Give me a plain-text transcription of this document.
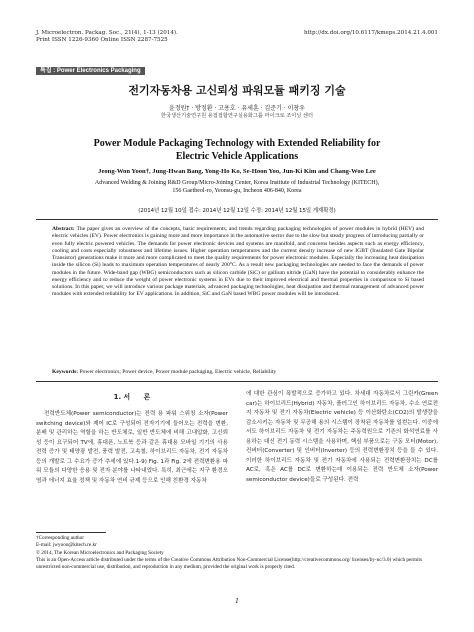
J. Microelectron. Packag. Soc., 21(4), 1-13 (2014).
Print ISSN 1226-9360 Online ISSN 2287-7525
http://dx.doi.org/10.6117/kmeps.2014.21.4.001
특집 : Power Electronics Packaging
전기자동차용 고신뢰성 파워모듈 패키징 기술
윤정원† · 방정환 · 고용호 · 유세훈 · 김준기 · 이창우
한국생산기술연구원 용접접합연구실용화그룹 마이크로 조이닝 센터
Power Module Packaging Technology with Extended Reliability for
Electric Vehicle Applications
Jeong-Won Yoon†, Jung-Hwan Bang, Yong-Ho Ko, Se-Hoon Yoo, Jun-Ki Kim and Chang-Woo Lee
Advanced Welding & Joining R&D Group/Micro-Joining Center, Korea Institute of Industrial Technology (KITECH),
156 Gaetbeol-ro, Yeonsu-gu, Incheon 406-840, Korea
(2014년 12월 10일 접수: 2014년 12월 12일 수정: 2014년 12월 15일 게재확정)
Abstract: The paper gives an overview of the concepts, basic requirements, and trends regarding packaging technologies of power modules in hybrid (HEV) and electric vehicles (EV). Power electronics is gaining more and more importance in the automotive sector due to the slow but steady progress of introducing partially or even fully electric powered vehicles. The demands for power electronic devices and systems are manifold, and concerns besides aspects such as energy efficiency, cooling and costs especially robustness and lifetime issues. Higher operation temperatures and the current density increase of new IGBT (Insulated Gate Bipolar Transistor) generations make it more and more complicated to meet the quality requirements for power electronic modules. Especially the increasing heat dissipation inside the silicon (Si) leads to maximum operation temperatures of nearly 200°C. As a result new packaging technologies are needed to face the demands of power modules in the future. Wide-band gap (WBG) semiconductors such as silicon carbide (SiC) or gallium nitride (GaN) have the potential to considerably enhance the energy efficiency and to reduce the weight of power electronic systems in EVs due to their improved electrical and thermal properties in comparison to Si based solutions. In this paper, we will introduce various package materials, advanced packaging technologies, heat dissipation and thermal management of advanced power modules with extended reliability for EV applications. In addition, SiC and GaN based WBG power modules will be introduced.
Keywords: Power electronics, Power device, Power module packaging, Electric vehicle, Reliability
1. 서　　론

전력반도체(Power semiconductor)는 전력 용 파워 스위칭 소자(Power switching device)와 제어 IC로 구성되어 전자기기에 들어오는 전력을 변환, 분배 및 관리하는 역할을 하는 반도체로, 일반 반도체에 비해 고내압화, 고신뢰성 등이 요구되어 TV에, 휴대폰, 노트북 등과 같은 휴대용 모바일 기기의 사용전력 증가 및 태양광 발전, 풍력 발전, 고속철, 하이브리드 자동차, 전기 자동차 등의 개발로 그 수요가 증가 추세에 있다.1-9) Fig. 1과 Fig. 2에 전력변환용 파워 모듈의 다양한 응용 및 전자 분야를 나타내었다. 특히, 최근에는 지구 환경오염과 에너지 효율 정책 및 자동차 연비 규제 등으로 인해 친환경 자동차

에 대한 관심이 폭발적으로 증가하고 있다. 차세대 자동차로서 그린카(Green car)는 하이브리드(Hybrid) 자동차, 플러그인 하이브리드 자동차, 수소 연료전지 자동차 및 전기 자동차(Electric vehicle) 등 이산화탄소(CO2)의 발생량을 감소시키는 자동차 및 무공해 용의 시스템이 장착된 자동차를 일컫는다. 이중에서도 하이브리드 자동차 및 전기 자동차는 주동력원으로 기존의 화석연료를 사용하는 대신 전기 동력 시스템을 사용하며, 핵심 부품으로는 구동 모터(Motor), 컨버터(Converter) 및 인버터(Inverter) 등의 전력변환장치 등을 들 수 있다. 이러한 하이브리드 자동차 및 전기 자동차에 사용되는 전력변환장치는 DC를 AC로, 혹은 AC를 DC로 변환하는데 이용되는 전력 반도체 소자(Power semiconductor device)들로 구성된다. 전력

†Corresponding author
E-mail: jwyoon@kitech.re.kr
© 2014, The Korean Microelectronics and Packaging Society
This is an Open-Access article distributed under the terms of the Creative Commons Attribution Non-Commercial License(http://creativecommons.org/ licenses/by-nc/3.0) which permits unrestricted non-commercial use, distribution, and reproduction in any medium, provided the original work is properly cited.
1
